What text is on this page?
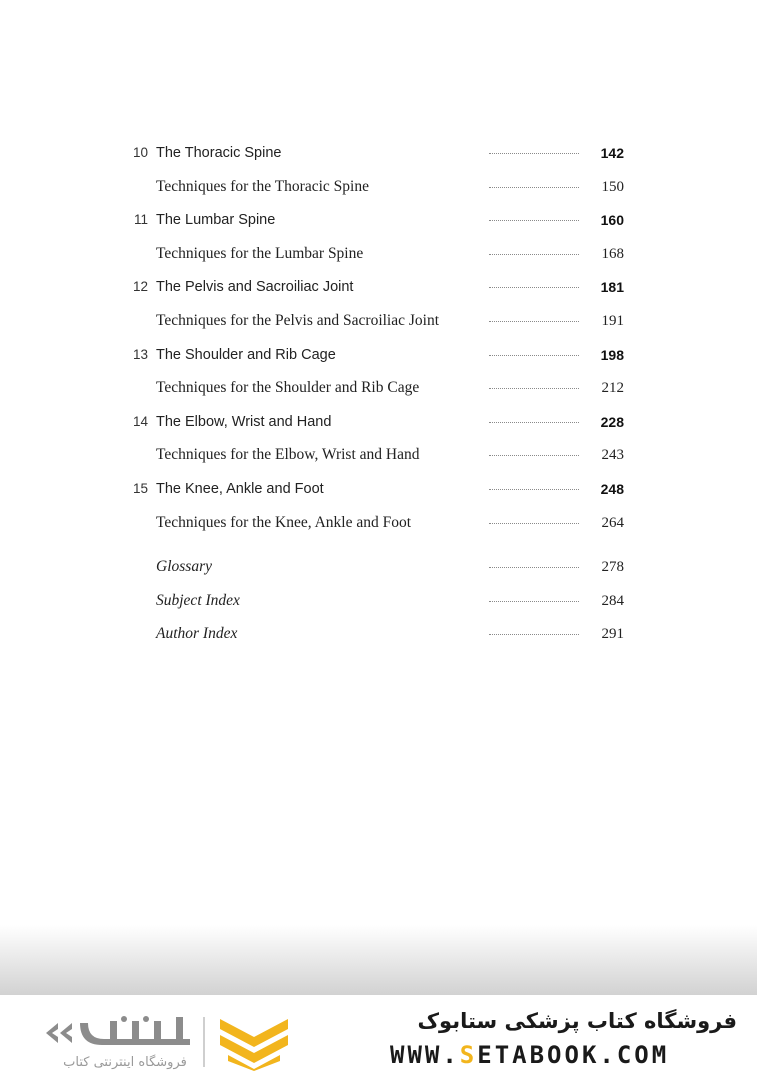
10 The Thoracic Spine	142
Techniques for the Thoracic Spine	150
11 The Lumbar Spine	160
Techniques for the Lumbar Spine	168
12 The Pelvis and Sacroiliac Joint	181
Techniques for the Pelvis and Sacroiliac Joint	191
13 The Shoulder and Rib Cage	198
Techniques for the Shoulder and Rib Cage	212
14 The Elbow, Wrist and Hand	228
Techniques for the Elbow, Wrist and Hand	243
15 The Knee, Ankle and Foot	248
Techniques for the Knee, Ankle and Foot	264
Glossary	278
Subject Index	284
Author Index	291
فروشگاه اینترنتی کتاب
فروشگاه کتاب پزشکی ستابوک
WWW.SETABOOK.COM
